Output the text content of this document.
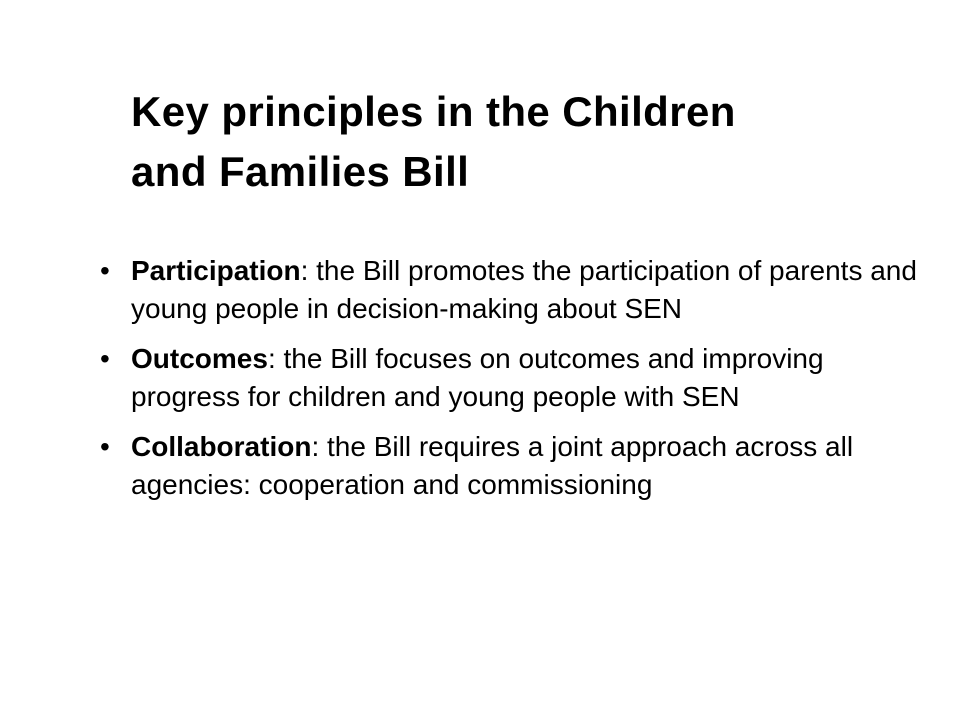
Key principles in the Children
and Families Bill
• Participation: the Bill promotes the participation of parents and young people in decision-making about SEN
• Outcomes: the Bill focuses on outcomes and improving progress for children and young people with SEN
• Collaboration: the Bill requires a joint approach across all agencies: cooperation and commissioning
